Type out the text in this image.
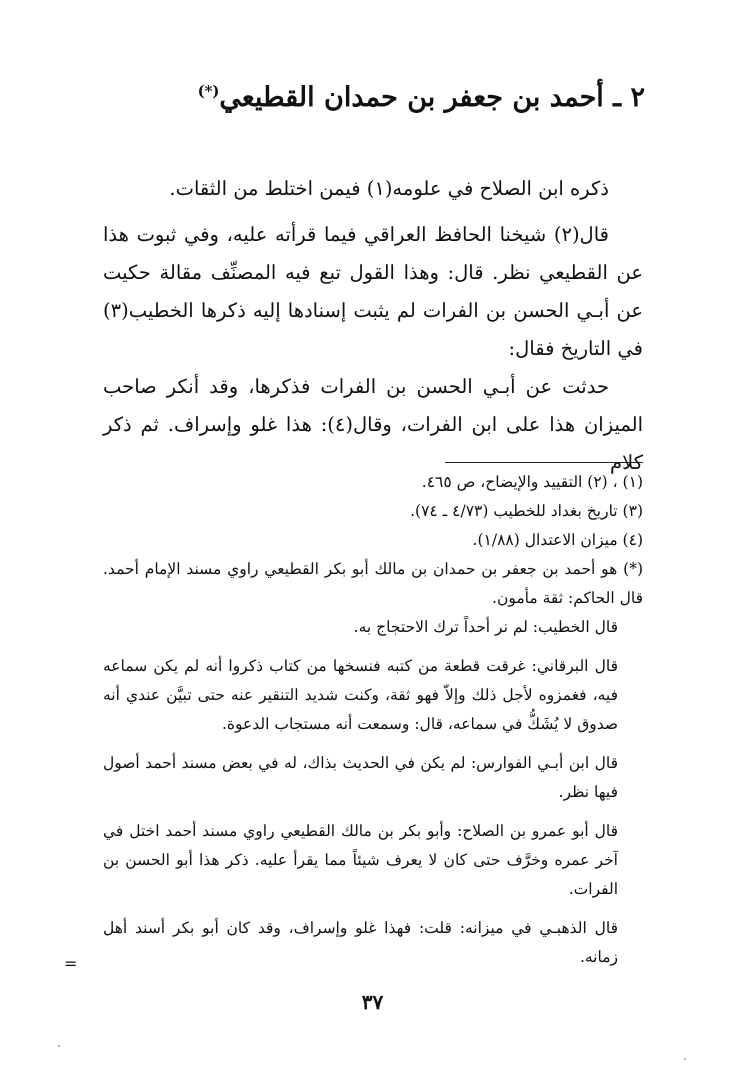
٢ ـ أحمد بن جعفر بن حمدان القطيعي(*)
ذكره ابن الصلاح في علومه(١) فيمن اختلط من الثقات.
قال(٢) شيخنا الحافظ العراقي فيما قرأته عليه، وفي ثبوت هذا عن القطيعي نظر. قال: وهذا القول تبع فيه المصنِّف مقالة حكيت عن أبـي الحسن بن الفرات لم يثبت إسنادها إليه ذكرها الخطيب(٣) في التاريخ فقال:
حدثت عن أبـي الحسن بن الفرات فذكرها، وقد أنكر صاحب الميزان هذا على ابن الفرات، وقال(٤): هذا غلو وإسراف. ثم ذكر كلام
(١) ، (٢) التقييد والإيضاح، ص ٤٦٥.
(٣) تاريخ بغداد للخطيب (٤/٧٣ ـ ٧٤).
(٤) ميزان الاعتدال (١/٨٨).
(*) هو أحمد بن جعفر بن حمدان بن مالك أبو بكر القطيعي راوي مسند الإمام أحمد. قال الحاكم: ثقة مأمون.
قال الخطيب: لم نر أحداً ترك الاحتجاج به.
قال البرقاني: غرقت قطعة من كتبه فنسخها من كتاب ذكروا أنه لم يكن سماعه فيه، فغمزوه لأجل ذلك وإلاّ فهو ثقة، وكنت شديد التنقير عنه حتى تبيَّن عندي أنه صدوق لا يُشَكُّ في سماعه، قال: وسمعت أنه مستجاب الدعوة.
قال ابن أبـي الفوارس: لم يكن في الحديث بذاك، له في بعض مسند أحمد أصول فيها نظر.
قال أبو عمرو بن الصلاح: وأبو بكر بن مالك القطيعي راوي مسند أحمد اختل في آخر عمره وخرَّف حتى كان لا يعرف شيئاً مما يقرأ عليه. ذكر هذا أبو الحسن بن الفرات.
قال الذهبـي في ميزانه: قلت: فهذا غلو وإسراف، وقد كان أبو بكر أسند أهل زمانه.
=
٣٧
